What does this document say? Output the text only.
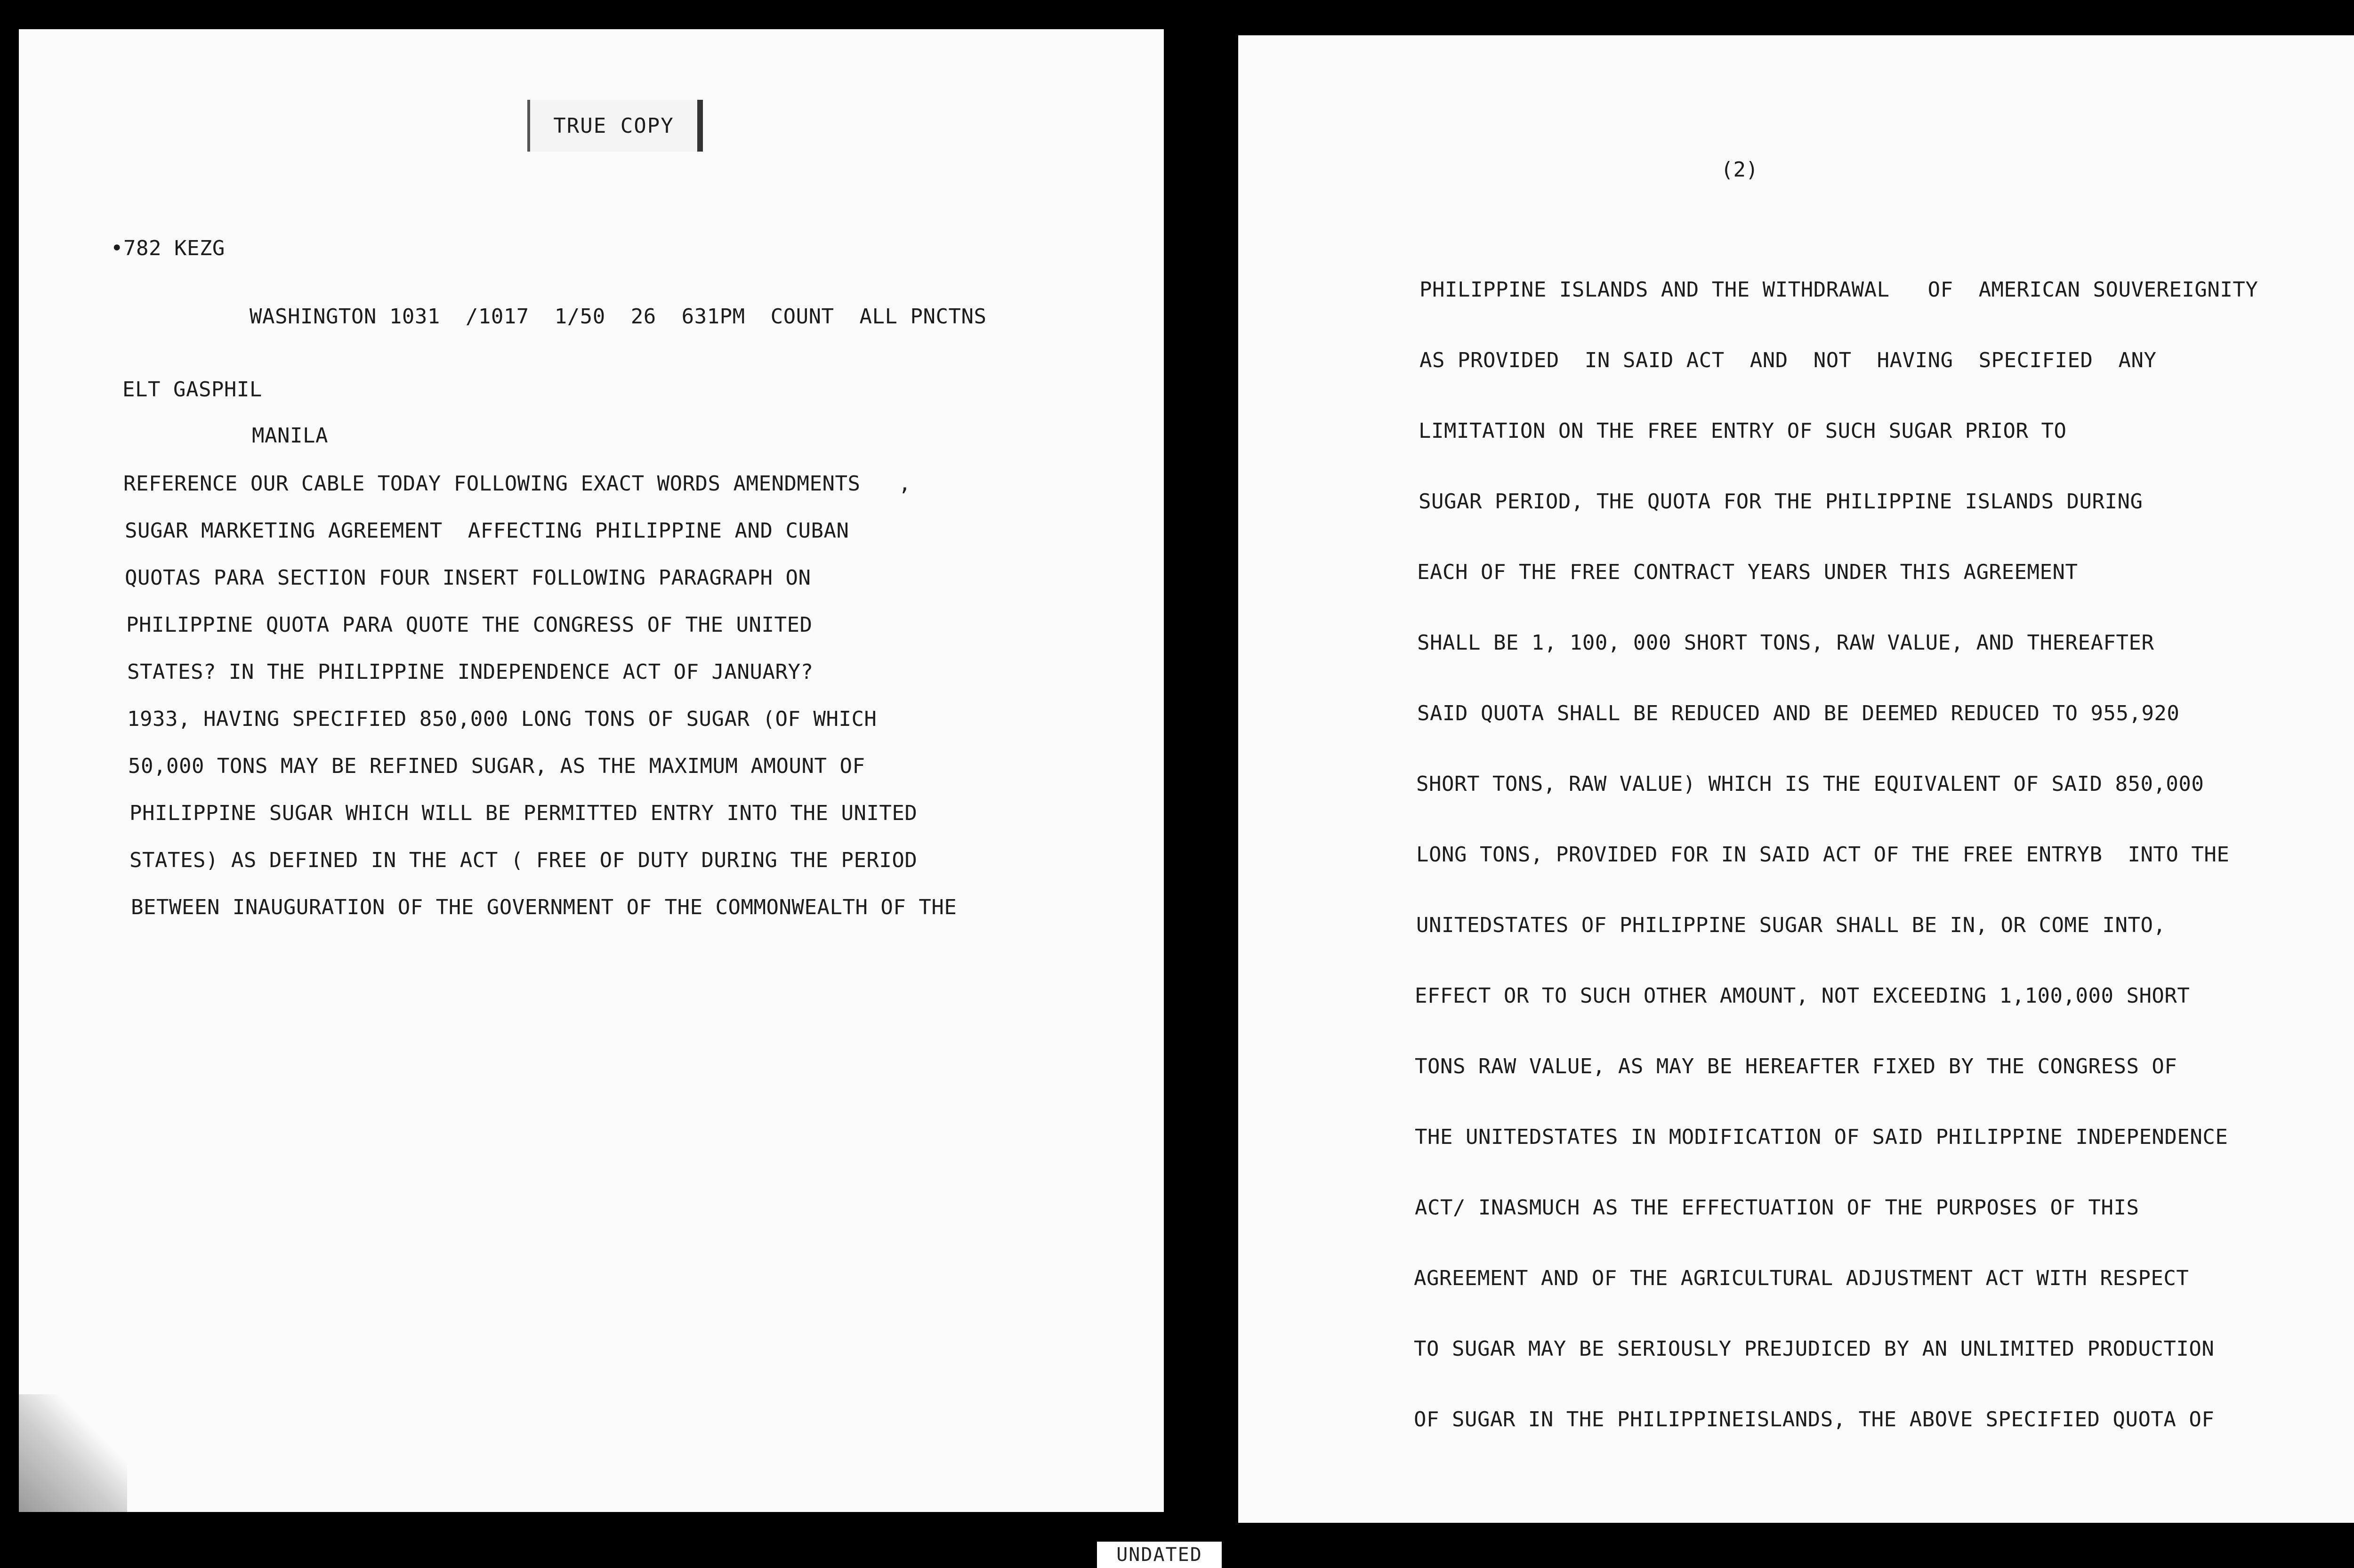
TRUE COPY
•782 KEZG
WASHINGTON 1031  /1017  1/50  26  631PM  COUNT  ALL PNCTNS
ELT GASPHIL
MANILA
REFERENCE OUR CABLE TODAY FOLLOWING EXACT WORDS AMENDMENTS   ,
SUGAR MARKETING AGREEMENT  AFFECTING PHILIPPINE AND CUBAN
QUOTAS PARA SECTION FOUR INSERT FOLLOWING PARAGRAPH ON
PHILIPPINE QUOTA PARA QUOTE THE CONGRESS OF THE UNITED
STATES? IN THE PHILIPPINE INDEPENDENCE ACT OF JANUARY?
1933, HAVING SPECIFIED 850,000 LONG TONS OF SUGAR (OF WHICH
50,000 TONS MAY BE REFINED SUGAR, AS THE MAXIMUM AMOUNT OF
PHILIPPINE SUGAR WHICH WILL BE PERMITTED ENTRY INTO THE UNITED
STATES) AS DEFINED IN THE ACT ( FREE OF DUTY DURING THE PERIOD
BETWEEN INAUGURATION OF THE GOVERNMENT OF THE COMMONWEALTH OF THE
(2)
PHILIPPINE ISLANDS AND THE WITHDRAWAL   OF  AMERICAN SOUVEREIGNITY
AS PROVIDED  IN SAID ACT  AND  NOT  HAVING  SPECIFIED  ANY
LIMITATION ON THE FREE ENTRY OF SUCH SUGAR PRIOR TO
SUGAR PERIOD, THE QUOTA FOR THE PHILIPPINE ISLANDS DURING
EACH OF THE FREE CONTRACT YEARS UNDER THIS AGREEMENT
SHALL BE 1, 100, 000 SHORT TONS, RAW VALUE, AND THEREAFTER
SAID QUOTA SHALL BE REDUCED AND BE DEEMED REDUCED TO 955,920
SHORT TONS, RAW VALUE) WHICH IS THE EQUIVALENT OF SAID 850,000
LONG TONS, PROVIDED FOR IN SAID ACT OF THE FREE ENTRYB  INTO THE
UNITEDSTATES OF PHILIPPINE SUGAR SHALL BE IN, OR COME INTO,
EFFECT OR TO SUCH OTHER AMOUNT, NOT EXCEEDING 1,100,000 SHORT
TONS RAW VALUE, AS MAY BE HEREAFTER FIXED BY THE CONGRESS OF
THE UNITEDSTATES IN MODIFICATION OF SAID PHILIPPINE INDEPENDENCE
ACT/ INASMUCH AS THE EFFECTUATION OF THE PURPOSES OF THIS
AGREEMENT AND OF THE AGRICULTURAL ADJUSTMENT ACT WITH RESPECT
TO SUGAR MAY BE SERIOUSLY PREJUDICED BY AN UNLIMITED PRODUCTION
OF SUGAR IN THE PHILIPPINEISLANDS, THE ABOVE SPECIFIED QUOTA OF
UNDATED
